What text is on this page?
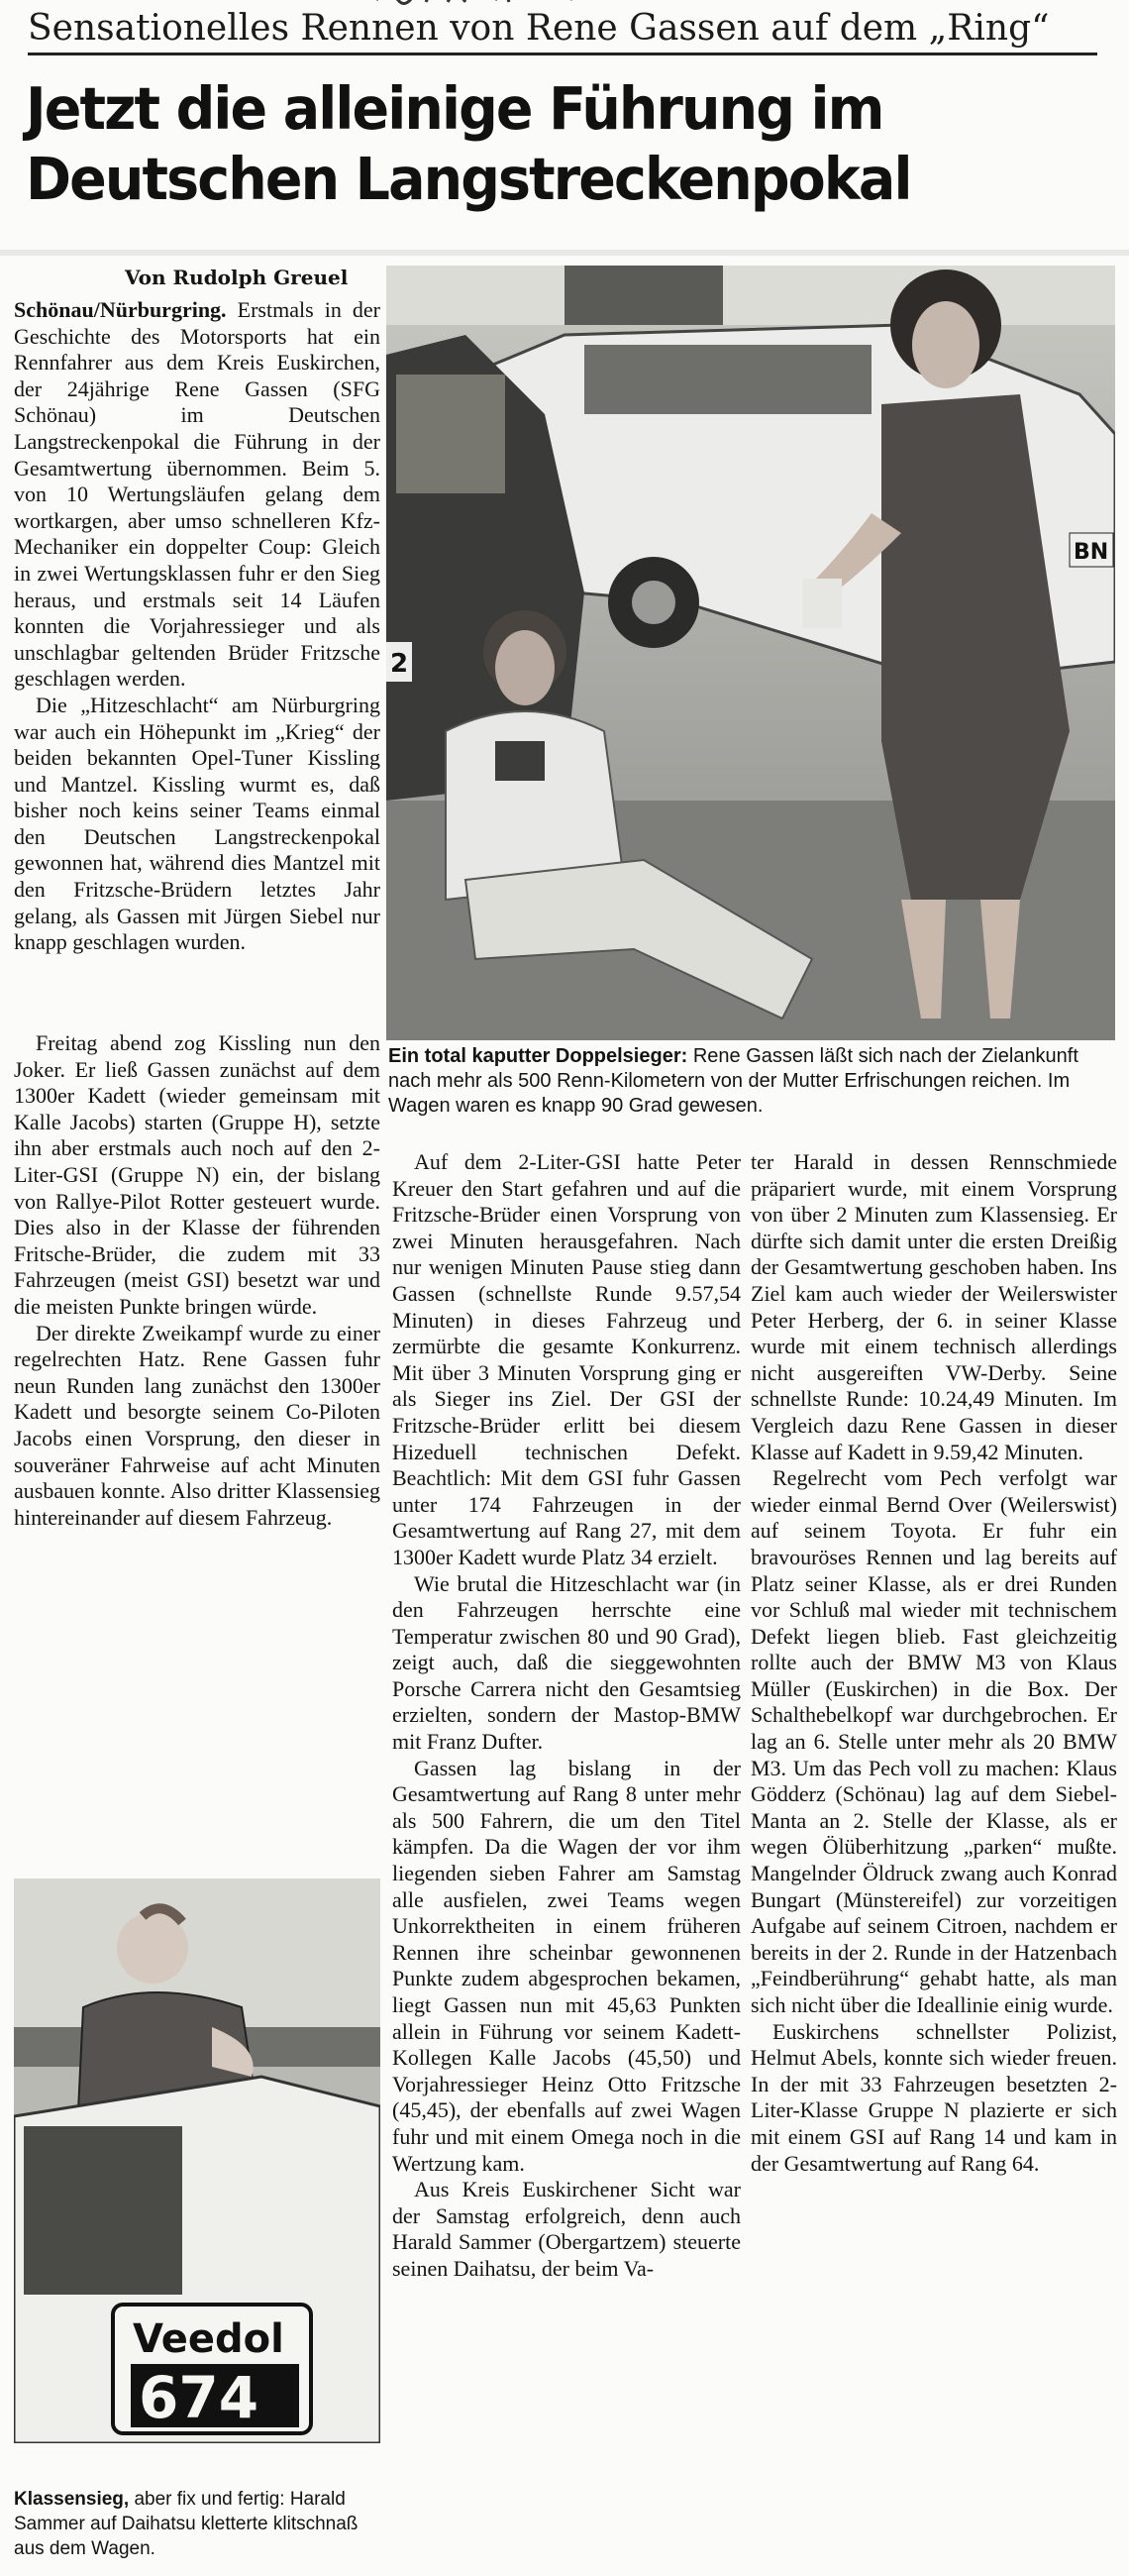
Sensationelles Rennen von Rene Gassen auf dem „Ring“
Jetzt die alleinige Führung im
Deutschen Langstreckenpokal
Von Rudolph Greuel

Schönau/Nürburgring. Erstmals in der Geschichte des Motorsports hat ein Rennfahrer aus dem Kreis Euskirchen, der 24jährige Rene Gassen (SFG Schönau) im Deutschen Langstreckenpokal die Führung in der Gesamtwertung übernommen. Beim 5. von 10 Wertungsläufen gelang dem wortkargen, aber umso schnelleren Kfz-Mechaniker ein doppelter Coup: Gleich in zwei Wertungsklassen fuhr er den Sieg heraus, und erstmals seit 14 Läufen konnten die Vorjahressieger und als unschlagbar geltenden Brüder Fritzsche geschlagen werden.

Die „Hitzeschlacht“ am Nürburgring war auch ein Höhepunkt im „Krieg“ der beiden bekannten Opel-Tuner Kissling und Mantzel. Kissling wurmt es, daß bisher noch keins seiner Teams einmal den Deutschen Langstreckenpokal gewonnen hat, während dies Mantzel mit den Fritzsche-Brüdern letztes Jahr gelang, als Gassen mit Jürgen Siebel nur knapp geschlagen wurden.

Freitag abend zog Kissling nun den Joker. Er ließ Gassen zunächst auf dem 1300er Kadett (wieder gemeinsam mit Kalle Jacobs) starten (Gruppe H), setzte ihn aber erstmals auch noch auf den 2-Liter-GSI (Gruppe N) ein, der bislang von Rallye-Pilot Rotter gesteuert wurde. Dies also in der Klasse der führenden Fritsche-Brüder, die zudem mit 33 Fahrzeugen (meist GSI) besetzt war und die meisten Punkte bringen würde.

Der direkte Zweikampf wurde zu einer regelrechten Hatz. Rene Gassen fuhr neun Runden lang zunächst den 1300er Kadett und besorgte seinem Co-Piloten Jacobs einen Vorsprung, den dieser in souveräner Fahrweise auf acht Minuten ausbauen konnte. Also dritter Klassensieg hintereinander auf diesem Fahrzeug.

2
BN
Ein total kaputter Doppelsieger: Rene Gassen läßt sich nach der Zielankunft nach mehr als 500 Renn-Kilometern von der Mutter Erfrischungen reichen. Im Wagen waren es knapp 90 Grad gewesen.

Auf dem 2-Liter-GSI hatte Peter Kreuer den Start gefahren und auf die Fritzsche-Brüder einen Vorsprung von zwei Minuten herausgefahren. Nach nur wenigen Minuten Pause stieg dann Gassen (schnellste Runde 9.57,54 Minuten) in dieses Fahrzeug und zermürbte die gesamte Konkurrenz. Mit über 3 Minuten Vorsprung ging er als Sieger ins Ziel. Der GSI der Fritzsche-Brüder erlitt bei diesem Hizeduell technischen Defekt. Beachtlich: Mit dem GSI fuhr Gassen unter 174 Fahrzeugen in der Gesamtwertung auf Rang 27, mit dem 1300er Kadett wurde Platz 34 erzielt.

Wie brutal die Hitzeschlacht war (in den Fahrzeugen herrschte eine Temperatur zwischen 80 und 90 Grad), zeigt auch, daß die sieggewohnten Porsche Carrera nicht den Gesamtsieg erzielten, sondern der Mastop-BMW mit Franz Dufter.

Gassen lag bislang in der Gesamtwertung auf Rang 8 unter mehr als 500 Fahrern, die um den Titel kämpfen. Da die Wagen der vor ihm liegenden sieben Fahrer am Samstag alle ausfielen, zwei Teams wegen Unkorrektheiten in einem früheren Rennen ihre scheinbar gewonnenen Punkte zudem abgesprochen bekamen, liegt Gassen nun mit 45,63 Punkten allein in Führung vor seinem Kadett-Kollegen Kalle Jacobs (45,50) und Vorjahressieger Heinz Otto Fritzsche (45,45), der ebenfalls auf zwei Wagen fuhr und mit einem Omega noch in die Wertzung kam.

Aus Kreis Euskirchener Sicht war der Samstag erfolgreich, denn auch Harald Sammer (Obergartzem) steuerte seinen Daihatsu, der beim Va-

ter Harald in dessen Rennschmiede präpariert wurde, mit einem Vorsprung von über 2 Minuten zum Klassensieg. Er dürfte sich damit unter die ersten Dreißig der Gesamtwertung geschoben haben. Ins Ziel kam auch wieder der Weilerswister Peter Herberg, der 6. in seiner Klasse wurde mit einem technisch allerdings nicht ausgereiften VW-Derby. Seine schnellste Runde: 10.24,49 Minuten. Im Vergleich dazu Rene Gassen in dieser Klasse auf Kadett in 9.59,42 Minuten.

Regelrecht vom Pech verfolgt war wieder einmal Bernd Over (Weilerswist) auf seinem Toyota. Er fuhr ein bravouröses Rennen und lag bereits auf Platz seiner Klasse, als er drei Runden vor Schluß mal wieder mit technischem Defekt liegen blieb. Fast gleichzeitig rollte auch der BMW M3 von Klaus Müller (Euskirchen) in die Box. Der Schalthebelkopf war durchgebrochen. Er lag an 6. Stelle unter mehr als 20 BMW M3. Um das Pech voll zu machen: Klaus Gödderz (Schönau) lag auf dem Siebel-Manta an 2. Stelle der Klasse, als er wegen Ölüberhitzung „parken“ mußte. Mangelnder Öldruck zwang auch Konrad Bungart (Münstereifel) zur vorzeitigen Aufgabe auf seinem Citroen, nachdem er bereits in der 2. Runde in der Hatzenbach „Feindberührung“ gehabt hatte, als man sich nicht über die Ideallinie einig wurde.

Euskirchens schnellster Polizist, Helmut Abels, konnte sich wieder freuen. In der mit 33 Fahrzeugen besetzten 2-Liter-Klasse Gruppe N plazierte er sich mit einem GSI auf Rang 14 und kam in der Gesamtwertung auf Rang 64.

Veedol
674
Klassensieg, aber fix und fertig: Harald Sammer auf Daihatsu kletterte klitschnaß aus dem Wagen.
